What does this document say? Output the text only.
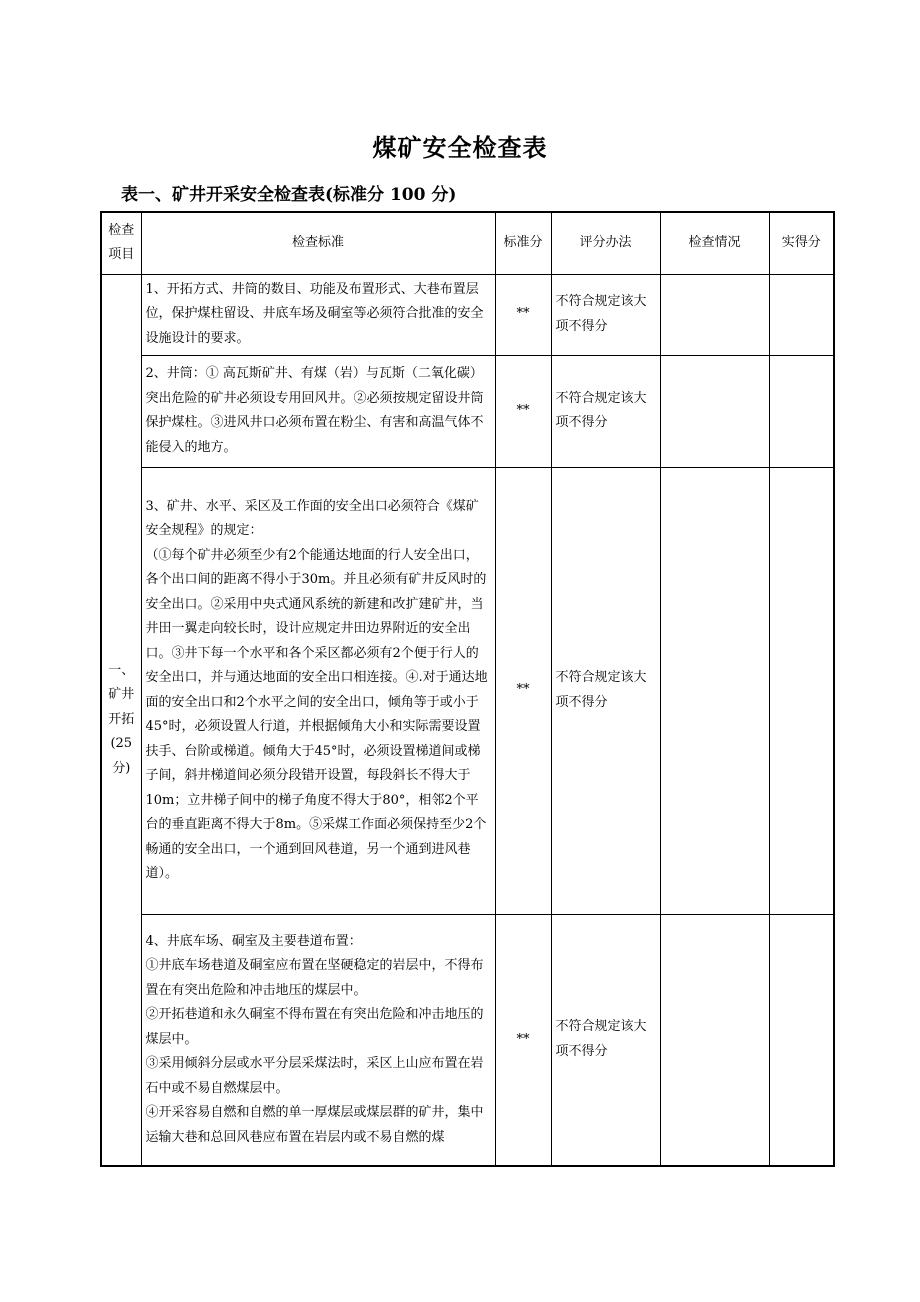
煤矿安全检查表
表一、矿井开采安全检查表(标准分 100 分)
检查项目	检查标准	标准分	评分办法	检查情况	实得分
一、矿井开拓(25分)	1、开拓方式、井筒的数目、功能及布置形式、大巷布置层位，保护煤柱留设、井底车场及硐室等必须符合批准的安全设施设计的要求。	**	不符合规定该大项不得分		

	2、井筒：① 高瓦斯矿井、有煤（岩）与瓦斯（二氧化碳）突出危险的矿井必须设专用回风井。②必须按规定留设井筒保护煤柱。③进风井口必须布置在粉尘、有害和高温气体不能侵入的地方。	**	不符合规定该大项不得分		

	3、矿井、水平、采区及工作面的安全出口必须符合《煤矿安全规程》的规定：

（①每个矿井必须至少有2个能通达地面的行人安全出口，各个出口间的距离不得小于30m。并且必须有矿井反风时的安全出口。②采用中央式通风系统的新建和改扩建矿井，当井田一翼走向较长时，设计应规定井田边界附近的安全出口。③井下每一个水平和各个采区都必须有2个便于行人的安全出口，并与通达地面的安全出口相连接。④.对于通达地面的安全出口和2个水平之间的安全出口，倾角等于或小于45°时，必须设置人行道，并根据倾角大小和实际需要设置扶手、台阶或梯道。倾角大于45°时，必须设置梯道间或梯子间，斜井梯道间必须分段错开设置，每段斜长不得大于10m；立井梯子间中的梯子角度不得大于80°，相邻2个平台的垂直距离不得大于8m。⑤采煤工作面必须保持至少2个畅通的安全出口，一个通到回风巷道，另一个通到进风巷道）。	**	不符合规定该大项不得分		

	4、井底车场、硐室及主要巷道布置：

①井底车场巷道及硐室应布置在坚硬稳定的岩层中，不得布置在有突出危险和冲击地压的煤层中。

②开拓巷道和永久硐室不得布置在有突出危险和冲击地压的煤层中。

③采用倾斜分层或水平分层采煤法时，采区上山应布置在岩石中或不易自燃煤层中。

④开采容易自燃和自燃的单一厚煤层或煤层群的矿井，集中运输大巷和总回风巷应布置在岩层内或不易自燃的煤	**	不符合规定该大项不得分		
